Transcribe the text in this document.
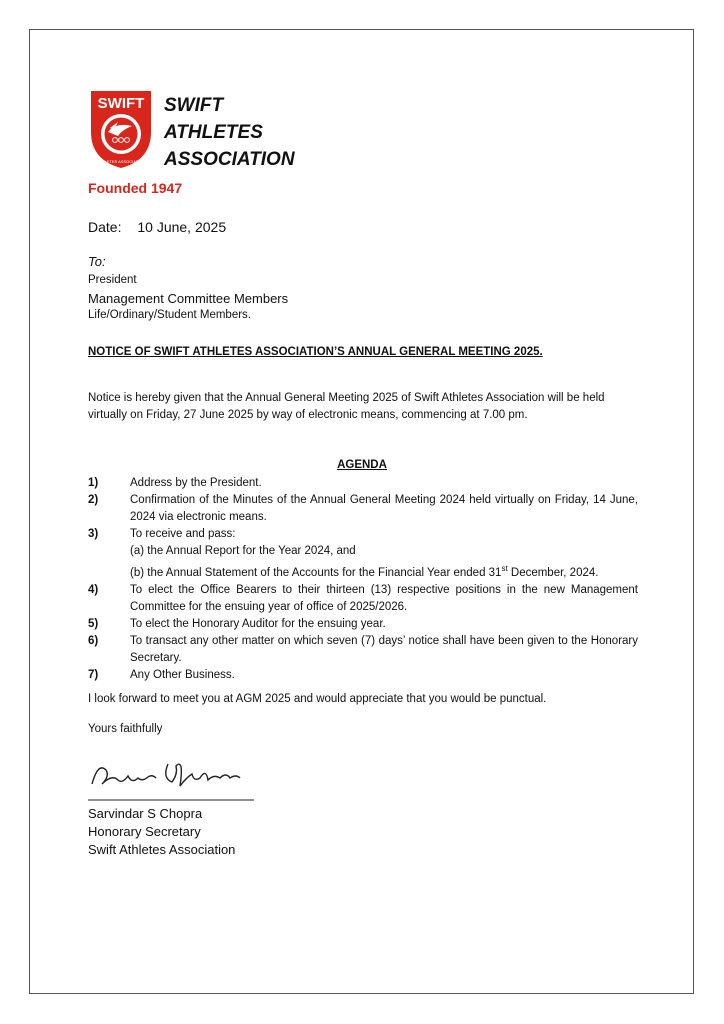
SWIFT
ATHLETES ASSOCIATION
SWIFT
ATHLETES
ASSOCIATION
Founded 1947
Date: 10 June, 2025
To:
President
Management Committee Members
Life/Ordinary/Student Members.
NOTICE OF SWIFT ATHLETES ASSOCIATION’S ANNUAL GENERAL MEETING 2025.
Notice is hereby given that the Annual General Meeting 2025 of Swift Athletes Association will be held virtually on Friday, 27 June 2025 by way of electronic means, commencing at 7.00 pm.
AGENDA
1)	Address by the President.
2)	Confirmation of the Minutes of the Annual General Meeting 2024 held virtually on Friday, 14 June, 2024 via electronic means.
3)	To receive and pass:
(a) the Annual Report for the Year 2024, and
(b) the Annual Statement of the Accounts for the Financial Year ended 31st December, 2024.
4)	To elect the Office Bearers to their thirteen (13) respective positions in the new Management Committee for the ensuing year of office of 2025/2026.
5)	To elect the Honorary Auditor for the ensuing year.
6)	To transact any other matter on which seven (7) days’ notice shall have been given to the Honorary Secretary.
7)	Any Other Business.
I look forward to meet you at AGM 2025 and would appreciate that you would be punctual.
Yours faithfully
Sarvindar S Chopra
Honorary Secretary
Swift Athletes Association
